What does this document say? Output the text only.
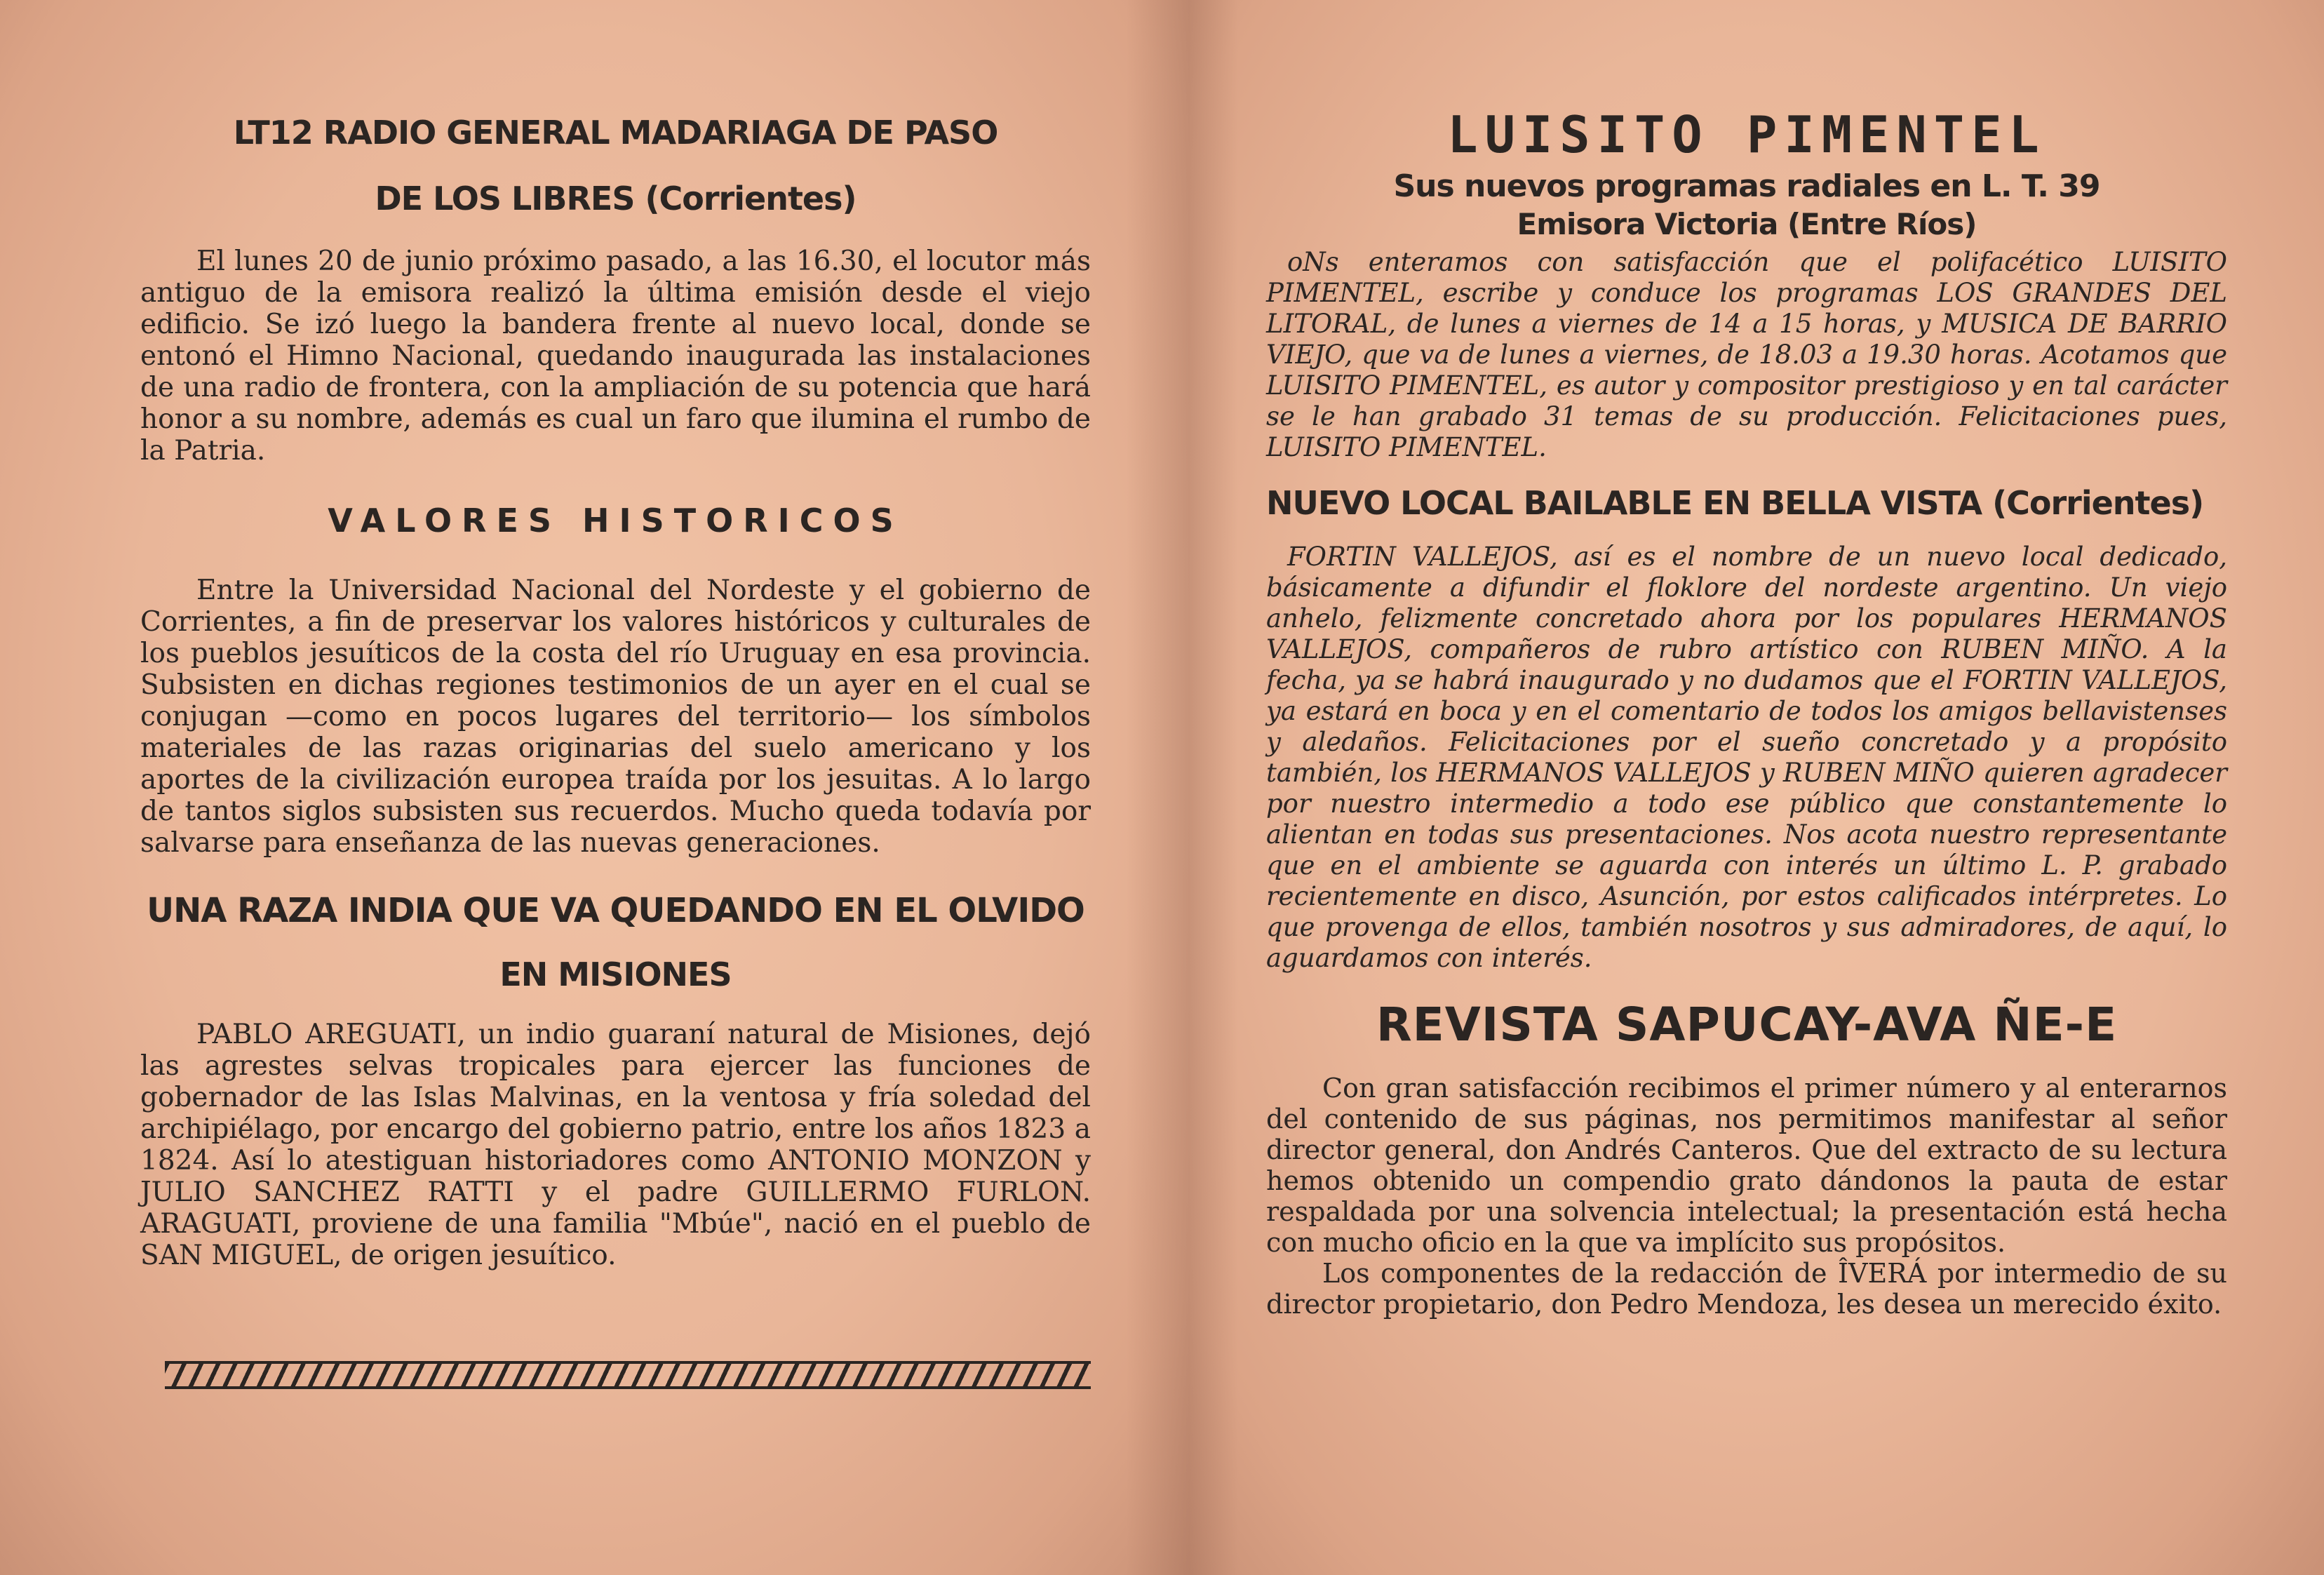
LT12 RADIO GENERAL MADARIAGA DE PASO
DE LOS LIBRES (Corrientes)

El lunes 20 de junio próximo pasado, a las 16.30, el locutor más antiguo de la emisora realizó la última emisión desde el viejo edificio. Se izó luego la bandera frente al nuevo local, donde se entonó el Himno Nacional, quedando inaugurada las instalaciones de una radio de frontera, con la ampliación de su potencia que hará honor a su nombre, además es cual un faro que ilumina el rumbo de la Patria.

VALORES HISTORICOS

Entre la Universidad Nacional del Nordeste y el gobierno de Corrientes, a fin de preservar los valores históricos y culturales de los pueblos jesuíticos de la costa del río Uruguay en esa provincia. Subsisten en dichas regiones testimonios de un ayer en el cual se conjugan —como en pocos lugares del territorio— los símbolos materiales de las razas originarias del suelo americano y los aportes de la civilización europea traída por los jesuitas. A lo largo de tantos siglos subsisten sus recuerdos. Mucho queda todavía por salvarse para enseñanza de las nuevas generaciones.

UNA RAZA INDIA QUE VA QUEDANDO EN EL OLVIDO
EN MISIONES

PABLO AREGUATI, un indio guaraní natural de Misiones, dejó las agrestes selvas tropicales para ejercer las funciones de gobernador de las Islas Malvinas, en la ventosa y fría soledad del archipiélago, por encargo del gobierno patrio, entre los años 1823 a 1824. Así lo atestiguan historiadores como ANTONIO MONZON y JULIO SANCHEZ RATTI y el padre GUILLERMO FURLON. ARAGUATI, proviene de una familia "Mbúe", nació en el pueblo de SAN MIGUEL, de origen jesuítico.

LUISITO PIMENTEL
Sus nuevos programas radiales en L. T. 39
Emisora Victoria (Entre Ríos)

oNs enteramos con satisfacción que el polifacético LUISITO PIMENTEL, escribe y conduce los programas LOS GRANDES DEL LITORAL, de lunes a viernes de 14 a 15 horas, y MUSICA DE BARRIO VIEJO, que va de lunes a viernes, de 18.03 a 19.30 horas. Acotamos que LUISITO PIMENTEL, es autor y compositor prestigioso y en tal carácter se le han grabado 31 temas de su producción. Felicitaciones pues, LUISITO PIMENTEL.

NUEVO LOCAL BAILABLE EN BELLA VISTA (Corrientes)

FORTIN VALLEJOS, así es el nombre de un nuevo local dedicado, básicamente a difundir el floklore del nordeste argentino. Un viejo anhelo, felizmente concretado ahora por los populares HERMANOS VALLEJOS, compañeros de rubro artístico con RUBEN MIÑO. A la fecha, ya se habrá inaugurado y no dudamos que el FORTIN VALLEJOS, ya estará en boca y en el comentario de todos los amigos bellavistenses y aledaños. Felicitaciones por el sueño concretado y a propósito también, los HERMANOS VALLEJOS y RUBEN MIÑO quieren agradecer por nuestro intermedio a todo ese público que constantemente lo alientan en todas sus presentaciones. Nos acota nuestro representante que en el ambiente se aguarda con interés un último L. P. grabado recientemente en disco, Asunción, por estos calificados intérpretes. Lo que provenga de ellos, también nosotros y sus admiradores, de aquí, lo aguardamos con interés.

REVISTA SAPUCAY-AVA ÑE-E

Con gran satisfacción recibimos el primer número y al enterarnos del contenido de sus páginas, nos permitimos manifestar al señor director general, don Andrés Canteros. Que del extracto de su lectura hemos obtenido un compendio grato dándonos la pauta de estar respaldada por una solvencia intelectual; la presentación está hecha con mucho oficio en la que va implícito sus propósitos.

Los componentes de la redacción de ÎVERÁ por intermedio de su director propietario, don Pedro Mendoza, les desea un merecido éxito.
